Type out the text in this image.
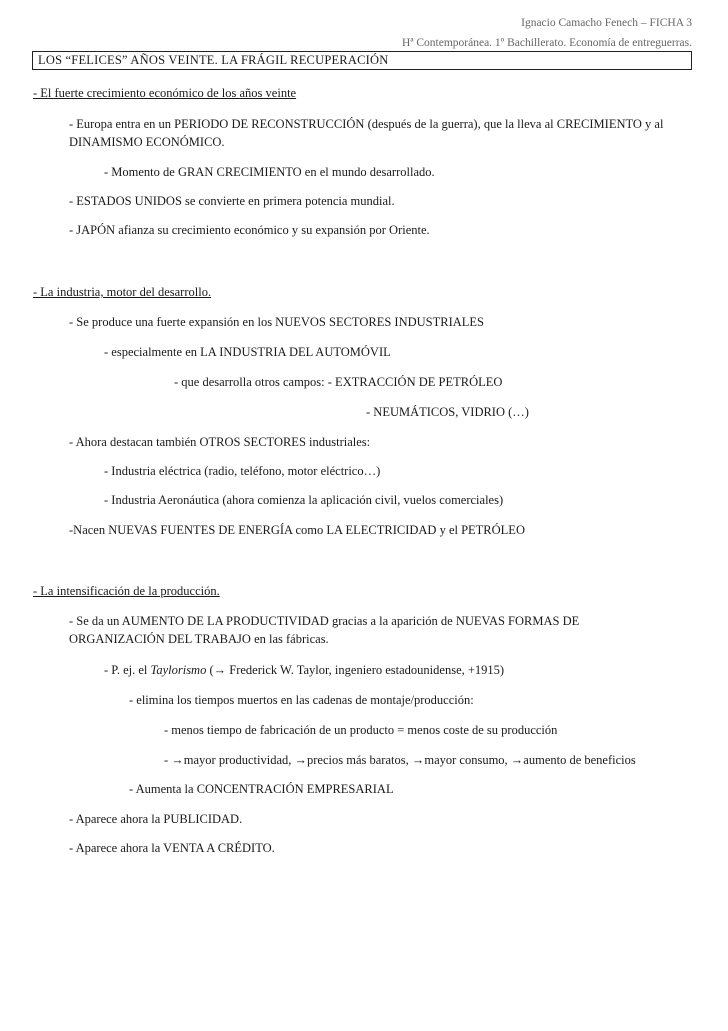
Ignacio Camacho Fenech – FICHA 3
Hª Contemporánea. 1º Bachillerato. Economía de entreguerras.
LOS “FELICES” AÑOS VEINTE. LA FRÁGIL RECUPERACIÓN
- El fuerte crecimiento económico de los años veinte
- Europa entra en un PERIODO DE RECONSTRUCCIÓN (después de la guerra), que la lleva al CRECIMIENTO y al DINAMISMO ECONÓMICO.
- Momento de GRAN CRECIMIENTO en el mundo desarrollado.
- ESTADOS UNIDOS se convierte en primera potencia mundial.
- JAPÓN afianza su crecimiento económico y su expansión por Oriente.
- La industria, motor del desarrollo.
- Se produce una fuerte expansión en los NUEVOS SECTORES INDUSTRIALES
- especialmente en LA INDUSTRIA DEL AUTOMÓVIL
- que desarrolla otros campos: - EXTRACCIÓN DE PETRÓLEO
- NEUMÁTICOS, VIDRIO (…)
- Ahora destacan también OTROS SECTORES industriales:
- Industria eléctrica (radio, teléfono, motor eléctrico…)
- Industria Aeronáutica (ahora comienza la aplicación civil, vuelos comerciales)
-Nacen NUEVAS FUENTES DE ENERGÍA como LA ELECTRICIDAD y el PETRÓLEO
- La intensificación de la producción.
- Se da un AUMENTO DE LA PRODUCTIVIDAD gracias a la aparición de NUEVAS FORMAS DE ORGANIZACIÓN DEL TRABAJO en las fábricas.
- P. ej. el Taylorismo (→ Frederick W. Taylor, ingeniero estadounidense, +1915)
- elimina los tiempos muertos en las cadenas de montaje/producción:
- menos tiempo de fabricación de un producto = menos coste de su producción
- →mayor productividad, →precios más baratos, →mayor consumo, →aumento de beneficios
- Aumenta la CONCENTRACIÓN EMPRESARIAL
- Aparece ahora la PUBLICIDAD.
- Aparece ahora la VENTA A CRÉDITO.
